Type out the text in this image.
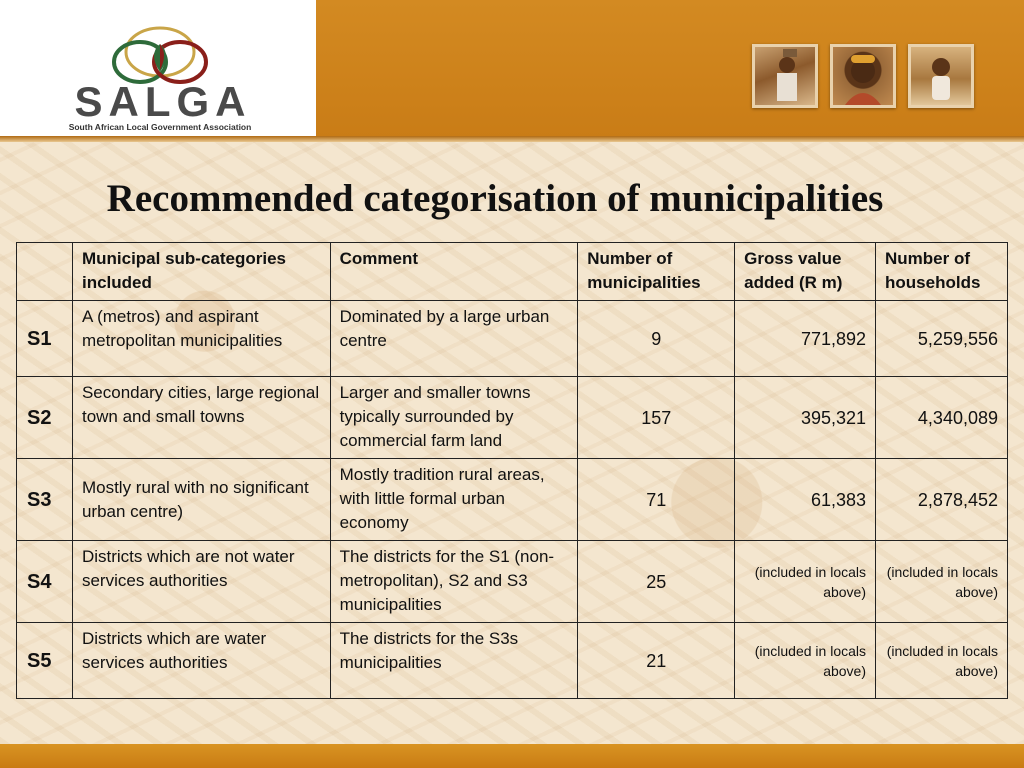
SALGA
South African Local Government Association
Recommended categorisation of municipalities
	Municipal sub-categories included	Comment	Number of municipalities	Gross value added (R m)	Number of households
S1	A (metros) and aspirant metropolitan municipalities	Dominated by a large urban centre	9	771,892	5,259,556
S2	Secondary cities, large regional town and small towns	Larger and smaller towns typically surrounded by commercial farm land	157	395,321	4,340,089
S3	Mostly rural with no significant urban centre)	Mostly tradition rural areas, with little formal urban economy	71	61,383	2,878,452
S4	Districts which are not water services authorities	The districts for the S1 (non-metropolitan), S2 and S3 municipalities	25	(included in locals above)	(included in locals above)
S5	Districts which are water services authorities	The districts for the S3s municipalities	21	(included in locals above)	(included in locals above)
